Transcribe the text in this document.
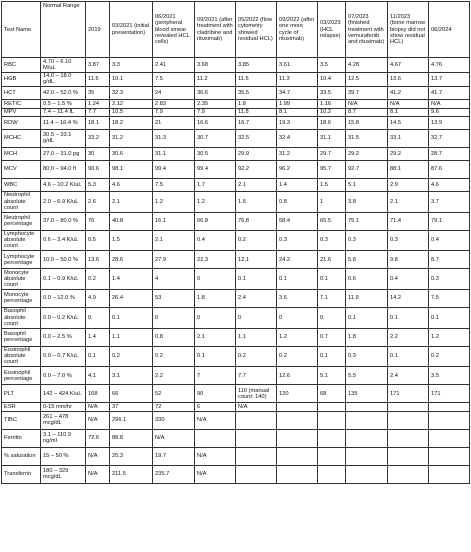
Test Name	Normal Range	2019	03/2021 (initial presentation)	06/2021 (peripheral blood smear revealed HCL cells)	09/2021 (after treatment with cladribine and rituximab)	05/2022 (flow cytometry showed residual HCL)	09/2022 (after one more cycle of rituximab)	03/2023 (HCL relapse)	07/2023 (finished treatment with vemurafenib and rituximab)	11/2023 (bone marrow biopsy did not show residual HCL)	06/2024
RBC	4.70 – 6.10 M/uL	3.87	3.3	2.41	3.68	3.85	3.61	3.5	4.28	4.67	4.76
HGB	14.0 – 18.0 g/dL	11.6	10.1	7.5	11.2	11.5	11.3	10.4	12.5	13.6	13.7
HCT	42.0 – 52.0 %	35	32.3	24	36.6	35.5	34.7	33.5	39.7	41.2	41.7
RETIC	0.5 – 1.5 %	1.24	2.12	2.83	2.35	1.8	1.99	1.16	N/A	N/A	N/A
MPV	7.4 – 11.4 fL	7.7	10.5	7.9	7.9	11.8	8.1	10.2	8.7	8.1	9.6
RDW	11.4 – 16.4 %	18.1	18.2	21	16.6	16.7	19.3	18.6	15.8	14.5	13.9
MCHC	30.5 – 33.1 g/dL	33.2	31.2	31.3	30.7	32.5	32.4	31.1	31.5	33.1	32.7
MCH	27.0 – 31.0 pg	30	30.6	31.1	30.5	29.9	31.2	29.7	29.2	29.2	28.7
MCV	80.0 – 94.0 fl	90.6	98.1	99.4	99.4	92.2	96.2	95.7	92.7	88.1	87.6
WBC	4.6 – 10.2 K/uL	5.3	4.6	7.5	1.7	2.1	1.4	1.5	5.1	2.9	4.6
Neutrophil absolute count	2.0 – 6.9 K/uL	2.6	2.1	1.2	1.2	1.6	0.8	1	3.8	2.1	3.7
Neutrophil percentage	37.0 – 80.0 %	76	40.8	16.1	66.8	76.8	58.4	65.5	75.1	71.4	79.1
Lymphocyte absolute count	0.6 – 3.4 K/uL	0.5	1.5	2.1	0.4	0.2	0.3	0.3	0.3	0.3	0.4
Lymphocyte percentage	10.0 – 50.0 %	13.6	28.6	27.9	22.3	12.1	24.2	21.6	5.8	9.8	8.7
Monocyte absolute count	0.1 – 0.9 K/uL	0.2	1.4	4	0	0.1	0.1	0.1	0.6	0.4	0.3
Monocyte percentage	0.0 – 12.0 %	4.9	26.4	53	1.8	2.4	3.6	7.1	11.9	14.2	7.5
Basophil absolute count	0.0 – 0.2 K/uL	0	0.1	0	0	0	0	0	0.1	0.1	0.1
Basophil percentage	0.0 – 2.5 %	1.4	1.1	0.8	2.1	1.1	1.2	0.7	1.8	2.2	1.2
Eosinophil absolute count	0.0 – 0.7 K/uL	0.1	0.2	0.2	0.1	0.2	0.2	0.1	0.3	0.1	0.2
Eosinophil percentage	0.0 – 7.0 %	4.1	3.1	2.2	7	7.7	12.6	5.1	5.5	2.4	3.5
PLT	142 – 424 K/uL	168	66	52	90	110 (manual count: 140)	120	68	135	171	171
ESR	0-15 mm/hr	N/A	37	72	6	N/A					
TIBC	261 – 478 mcg/dL	N/A	296.1	330	N/A						
Ferritin	3.1 – 110.9 ng/ml	72.6	88.8	N/A							
% saturation	15 – 50 %	N/A	25.3	19.7	N/A						
Transferrin	180 – 329 mcg/dL	N/A	211.5	235.7	N/A						
